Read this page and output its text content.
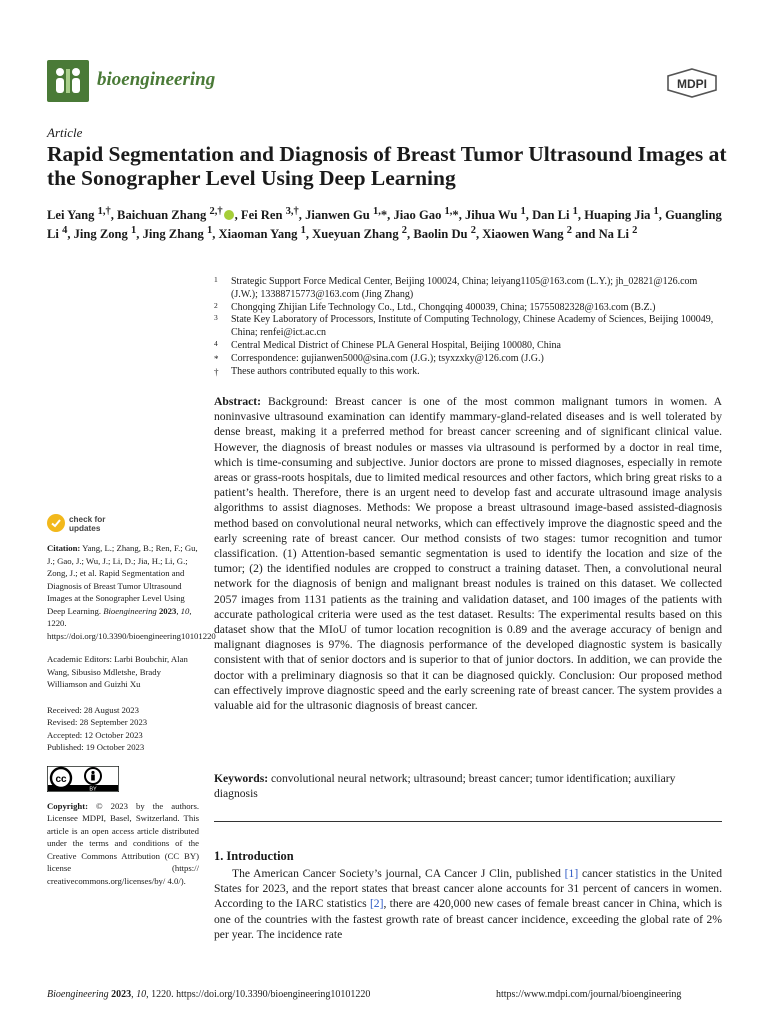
bioengineering	MDPI
Article
Rapid Segmentation and Diagnosis of Breast Tumor Ultrasound Images at the Sonographer Level Using Deep Learning
Lei Yang $^{1,\dagger}$, Baichuan Zhang $^{2,\dagger}$ , Fei Ren $^{3,\dagger}$, Jianwen Gu $^{1,}$*, Jiao Gao $^{1,}$*, Jihua Wu $^1$, Dan Li $^1$, Huaping Jia $^1$, Guangling Li $^4$, Jing Zong $^1$, Jing Zhang $^1$, Xiaoman Yang $^1$, Xueyuan Zhang $^2$, Baolin Du $^2$, Xiaowen Wang $^2$ and Na Li $^2$
1 Strategic Support Force Medical Center, Beijing 100024, China; leiyang1105@163.com (L.Y.); jh_02821@126.com (J.W.); 13388715773@163.com (Jing Zhang)
2 Chongqing Zhijian Life Technology Co., Ltd., Chongqing 400039, China; 15755082328@163.com (B.Z.)
3 State Key Laboratory of Processors, Institute of Computing Technology, Chinese Academy of Sciences, Beijing 100049, China; renfei@ict.ac.cn
4 Central Medical District of Chinese PLA General Hospital, Beijing 100080, China
* Correspondence: gujianwen5000@sina.com (J.G.); tsyxzxky@126.com (J.G.)
† These authors contributed equally to this work.
Abstract: Background: Breast cancer is one of the most common malignant tumors in women. A noninvasive ultrasound examination can identify mammary-gland-related diseases and is well tolerated by dense breast, making it a preferred method for breast cancer screening and of significant clinical value. However, the diagnosis of breast nodules or masses via ultrasound is performed by a doctor in real time, which is time-consuming and subjective. Junior doctors are prone to missed diagnoses, especially in remote areas or grass-roots hospitals, due to limited medical resources and other factors, which bring great risks to a patient’s health. Therefore, there is an urgent need to develop fast and accurate ultrasound image analysis algorithms to assist diagnoses. Methods: We propose a breast ultrasound image-based assisted-diagnosis method based on convolutional neural networks, which can effectively improve the diagnostic speed and the early screening rate of breast cancer. Our method consists of two stages: tumor recognition and tumor classification. (1) Attention-based semantic segmentation is used to identify the location and size of the tumor; (2) the identified nodules are cropped to construct a training dataset. Then, a convolutional neural network for the diagnosis of benign and malignant breast nodules is trained on this dataset. We collected 2057 images from 1131 patients as the training and validation dataset, and 100 images of the patients with accurate pathological criteria were used as the test dataset. Results: The experimental results based on this dataset show that the MIoU of tumor location recognition is 0.89 and the average accuracy of benign and malignant diagnoses is 97%. The diagnosis performance of the developed diagnostic system is basically consistent with that of senior doctors and is superior to that of junior doctors. In addition, we can provide the doctor with a preliminary diagnosis so that it can be diagnosed quickly. Conclusion: Our proposed method can effectively improve diagnostic speed and the early screening rate of breast cancer. The system provides a valuable aid for the ultrasonic diagnosis of breast cancer.
Keywords: convolutional neural network; ultrasound; breast cancer; tumor identification; auxiliary diagnosis
1. Introduction
The American Cancer Society’s journal, CA Cancer J Clin, published [1] cancer statistics in the United States for 2023, and the report states that breast cancer alone accounts for 31 percent of cancers in women. According to the IARC statistics [2], there are 420,000 new cases of female breast cancer in China, which is one of the countries with the fastest growth rate of breast cancer incidence, exceeding the global rate of 2% per year. The incidence rate
check for
updates

Citation: Yang, L.; Zhang, B.; Ren, F.; Gu, J.; Gao, J.; Wu, J.; Li, D.; Jia, H.; Li, G.; Zong, J.; et al. Rapid Segmentation and Diagnosis of Breast Tumor Ultrasound Images at the Sonographer Level Using Deep Learning. Bioengineering 2023, 10, 1220. https://doi.org/10.3390/bioengineering10101220

Academic Editors: Larbi Boubchir, Alan Wang, Sibusiso Mdletshe, Brady Williamson and Guizhi Xu

Received: 28 August 2023
Revised: 28 September 2023
Accepted: 12 October 2023
Published: 19 October 2023
cc
BY

Copyright: © 2023 by the authors. Licensee MDPI, Basel, Switzerland. This article is an open access article distributed under the terms and conditions of the Creative Commons Attribution (CC BY) license (https:// creativecommons.org/licenses/by/ 4.0/).

Bioengineering 2023, 10, 1220. https://doi.org/10.3390/bioengineering10101220	https://www.mdpi.com/journal/bioengineering
